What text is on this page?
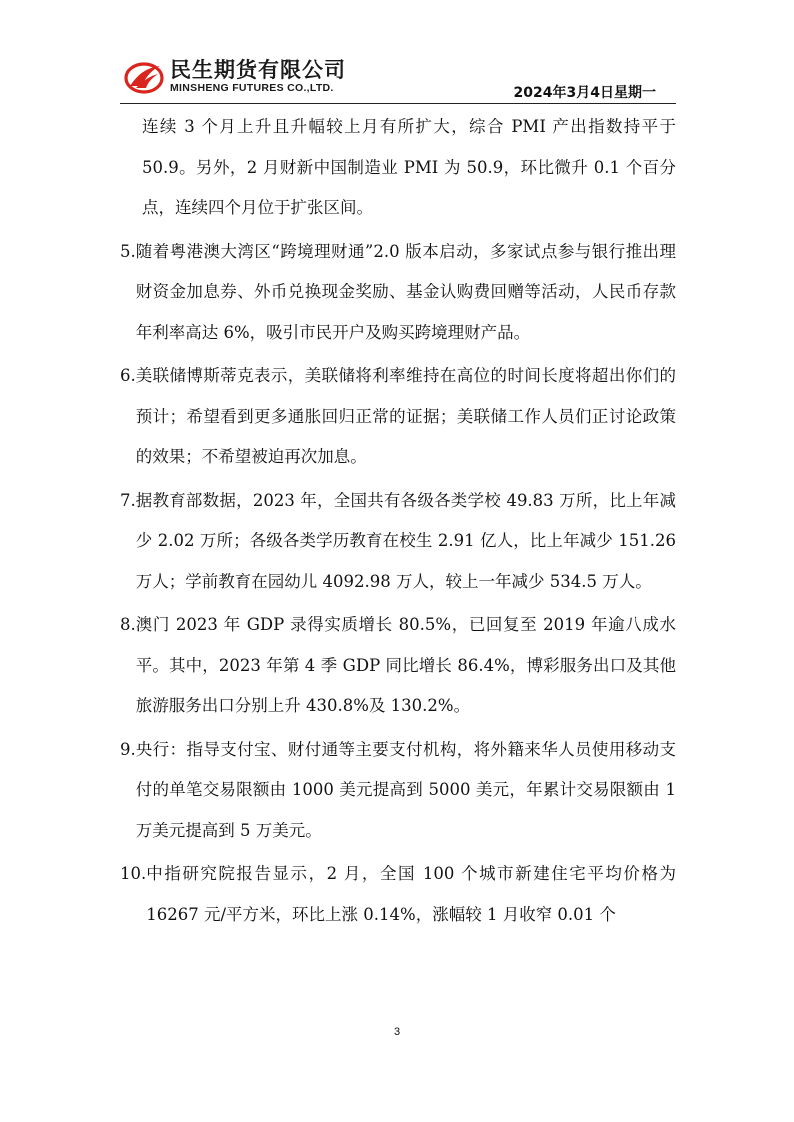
民生期货有限公司
MINSHENG FUTURES CO.,LTD.	2024年3月4日星期一

连续 3 个月上升且升幅较上月有所扩大，综合 PMI 产出指数持平于 50.9。另外，2 月财新中国制造业 PMI 为 50.9，环比微升 0.1 个百分点，连续四个月位于扩张区间。

5. 随着粤港澳大湾区“跨境理财通”2.0 版本启动，多家试点参与银行推出理财资金加息券、外币兑换现金奖励、基金认购费回赠等活动，人民币存款年利率高达 6%，吸引市民开户及购买跨境理财产品。
6. 美联储博斯蒂克表示，美联储将利率维持在高位的时间长度将超出你们的预计；希望看到更多通胀回归正常的证据；美联储工作人员们正讨论政策的效果；不希望被迫再次加息。
7. 据教育部数据，2023 年，全国共有各级各类学校 49.83 万所，比上年减少 2.02 万所；各级各类学历教育在校生 2.91 亿人，比上年减少 151.26 万人；学前教育在园幼儿 4092.98 万人，较上一年减少 534.5 万人。
8. 澳门 2023 年 GDP 录得实质增长 80.5%，已回复至 2019 年逾八成水平。其中，2023 年第 4 季 GDP 同比增长 86.4%，博彩服务出口及其他旅游服务出口分别上升 430.8%及 130.2%。
9. 央行：指导支付宝、财付通等主要支付机构，将外籍来华人员使用移动支付的单笔交易限额由 1000 美元提高到 5000 美元，年累计交易限额由 1 万美元提高到 5 万美元。
10. 中指研究院报告显示，2 月，全国 100 个城市新建住宅平均价格为 16267 元/平方米，环比上涨 0.14%，涨幅较 1 月收窄 0.01 个
3
